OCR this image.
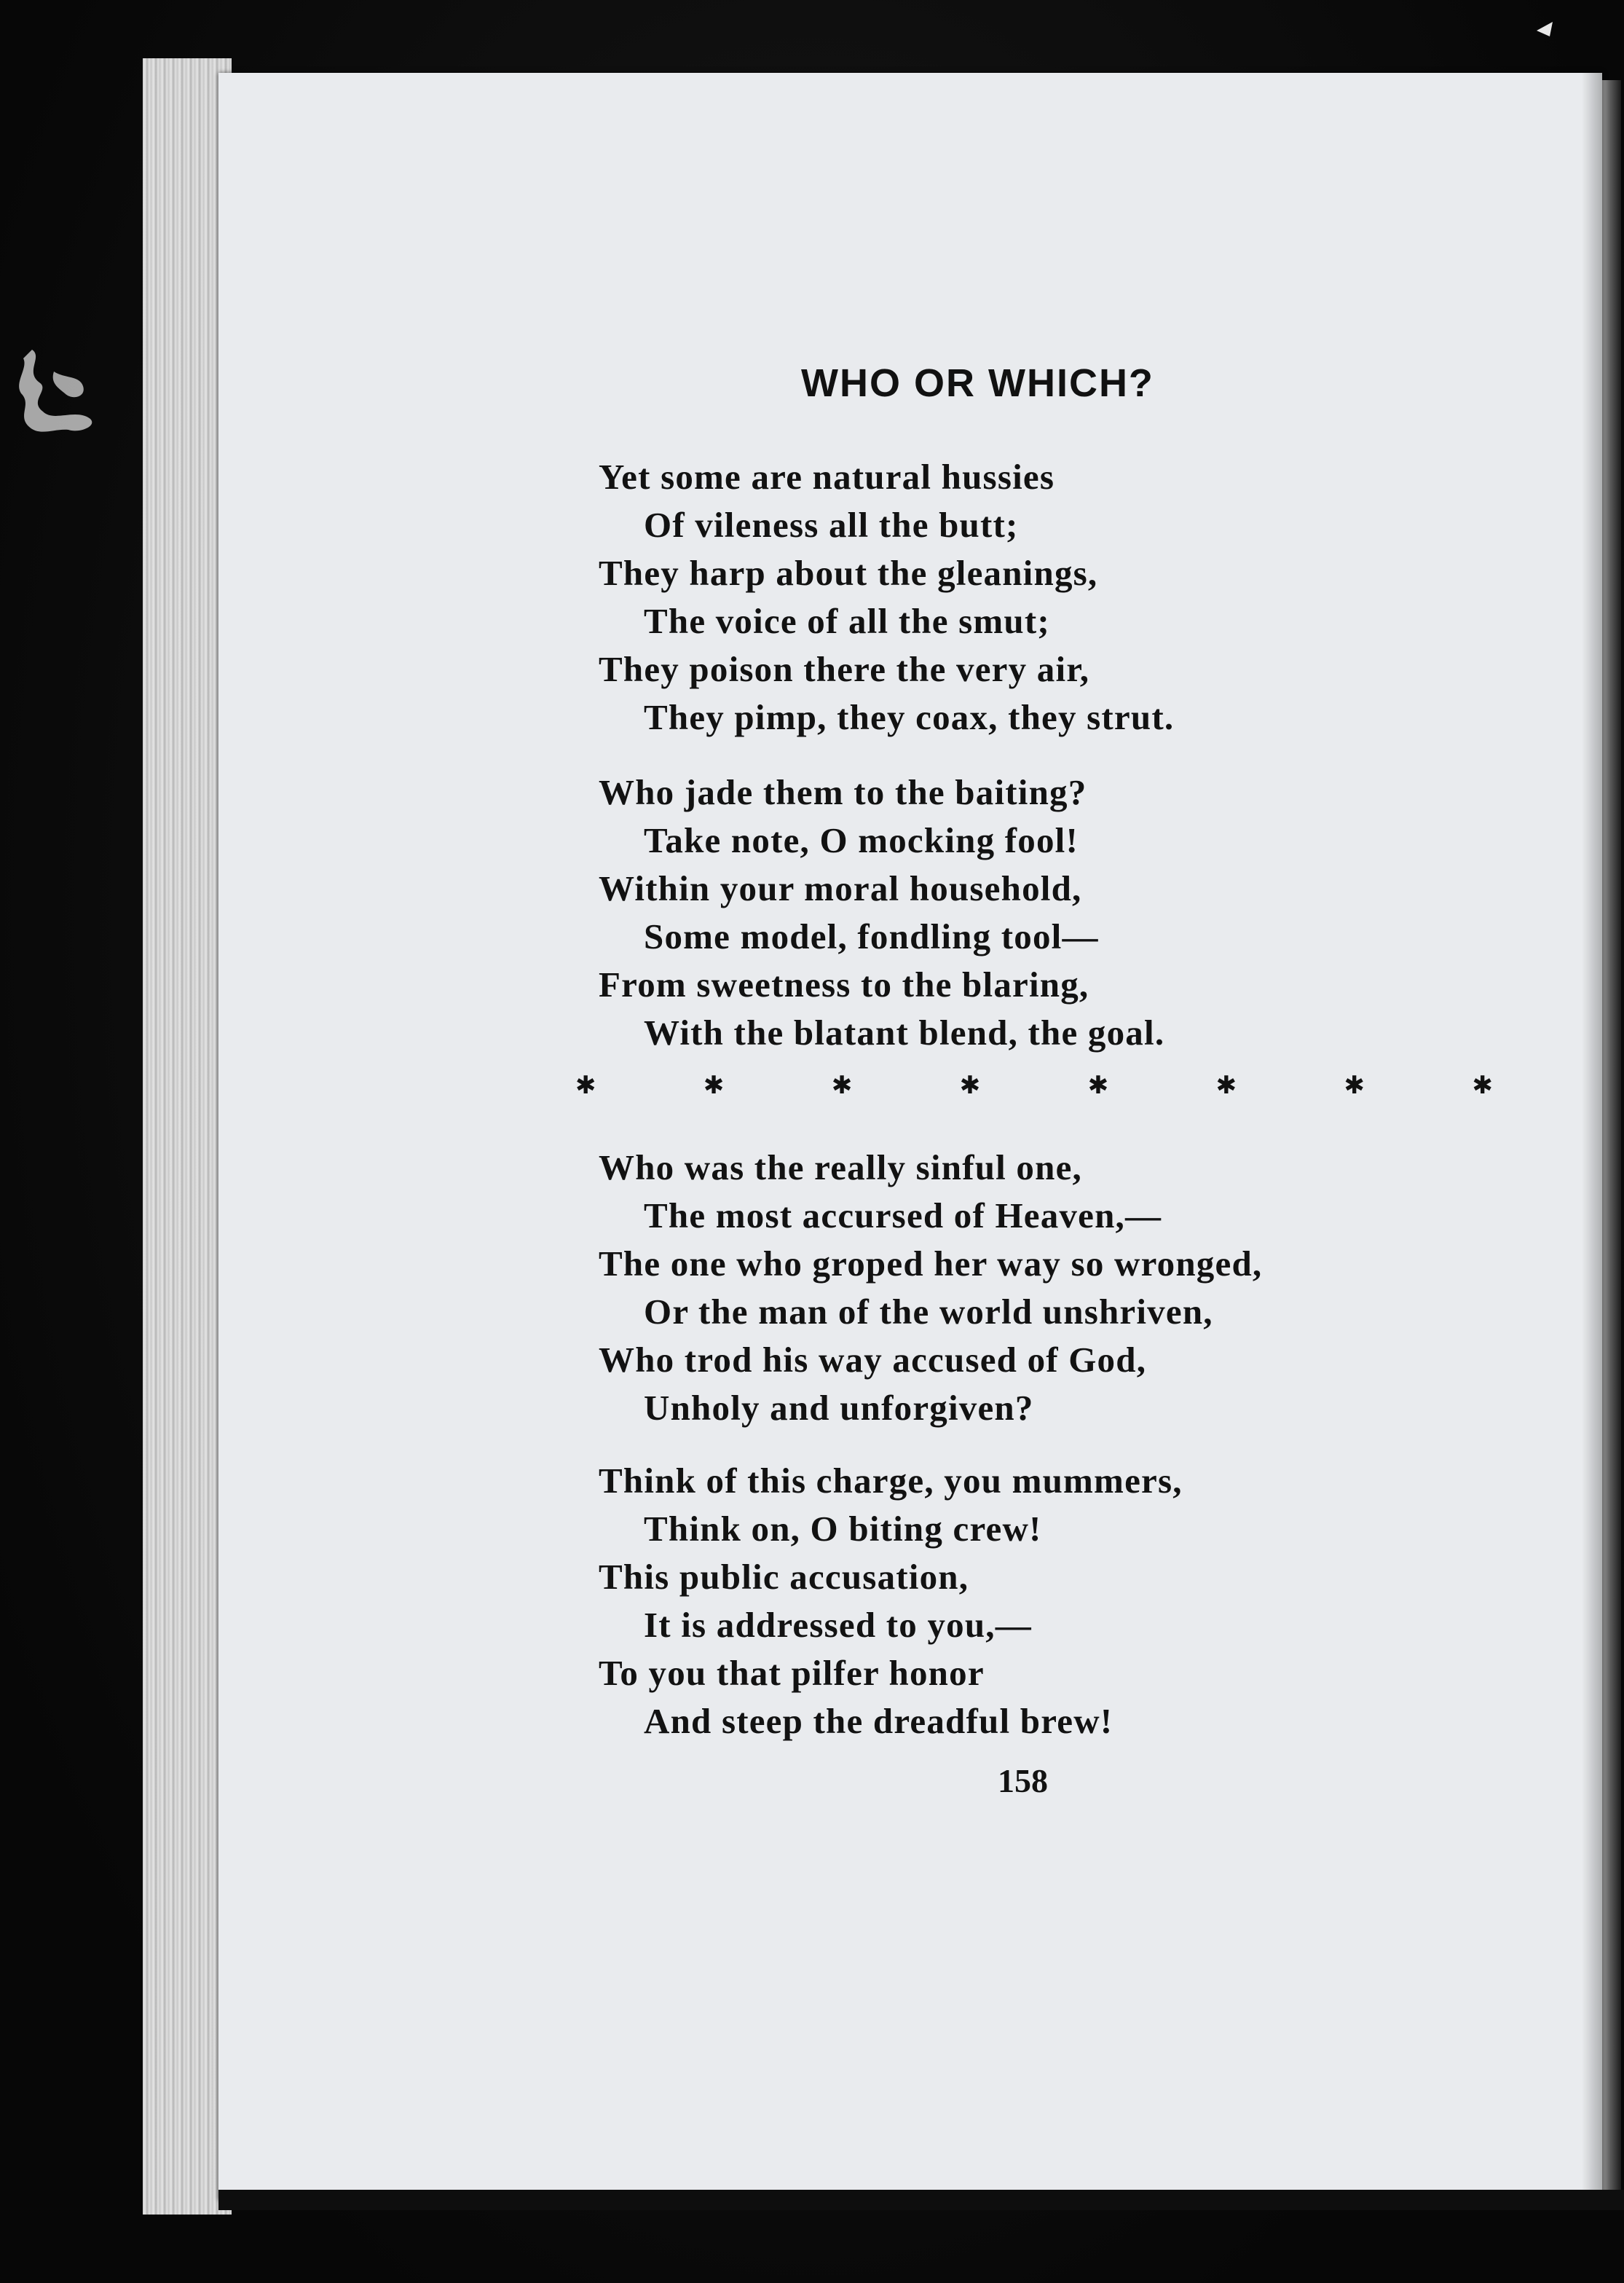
WHO OR WHICH?
Yet some are natural hussies
Of vileness all the butt;
They harp about the gleanings,
The voice of all the smut;
They poison there the very air,
They pimp, they coax, they strut.
Who jade them to the baiting?
Take note, O mocking fool!
Within your moral household,
Some model, fondling tool—
From sweetness to the blaring,
With the blatant blend, the goal.
✱	✱	✱	✱	✱	✱	✱	✱
Who was the really sinful one,
The most accursed of Heaven,—
The one who groped her way so wronged,
Or the man of the world unshriven,
Who trod his way accused of God,
Unholy and unforgiven?
Think of this charge, you mummers,
Think on, O biting crew!
This public accusation,
It is addressed to you,—
To you that pilfer honor
And steep the dreadful brew!
158
